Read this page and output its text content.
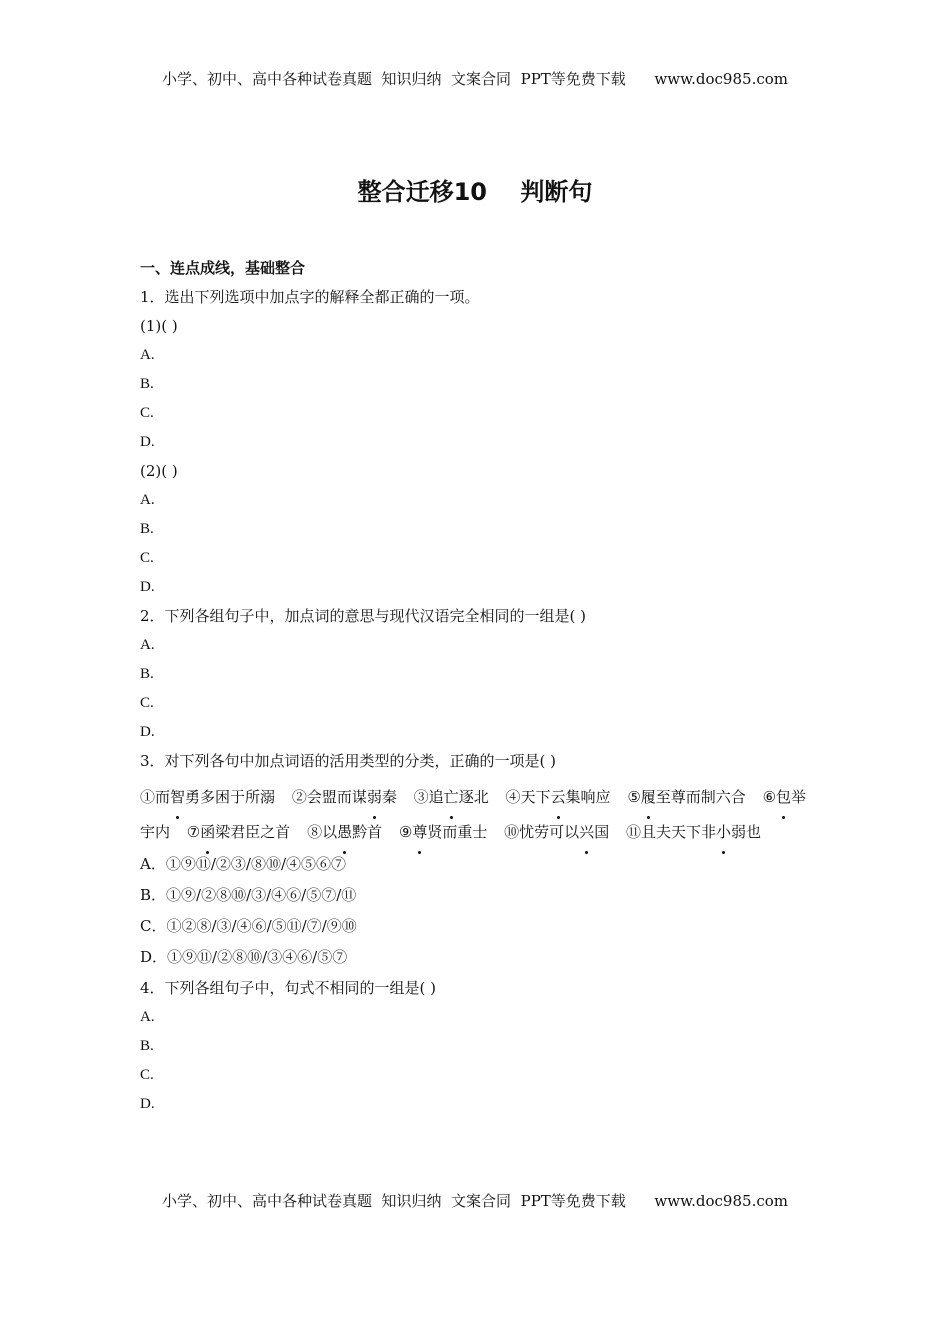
小学、初中、高中各种试卷真题  知识归纳  文案合同  PPT等免费下载      www.doc985.com
整合迁移10    判断句
一、连点成线，基础整合
1．选出下列选项中加点字的解释全都正确的一项。
(1)( )
A.
B.
C.
D.
(2)( )
A.
B.
C.
D.
2．下列各组句子中，加点词的意思与现代汉语完全相同的一组是( )
A.
B.
C.
D.
3．对下列各句中加点词语的活用类型的分类，正确的一项是( )
①而智勇多困于所溺 ②会盟而谋弱秦 ③追亡逐北 ④天下云集响应 ⑤履至尊而制六合 ⑥包举宇内 ⑦函梁君臣之首 ⑧以愚黔首 ⑨尊贤而重士 ⑩忧劳可以兴国 ⑪且夫天下非小弱也
A．①⑨⑪/②③/⑧⑩/④⑤⑥⑦
B．①⑨/②⑧⑩/③/④⑥/⑤⑦/⑪
C．①②⑧/③/④⑥/⑤⑪/⑦/⑨⑩
D．①⑨⑪/②⑧⑩/③④⑥/⑤⑦
4．下列各组句子中，句式不相同的一组是( )
A.
B.
C.
D.
小学、初中、高中各种试卷真题  知识归纳  文案合同  PPT等免费下载      www.doc985.com
